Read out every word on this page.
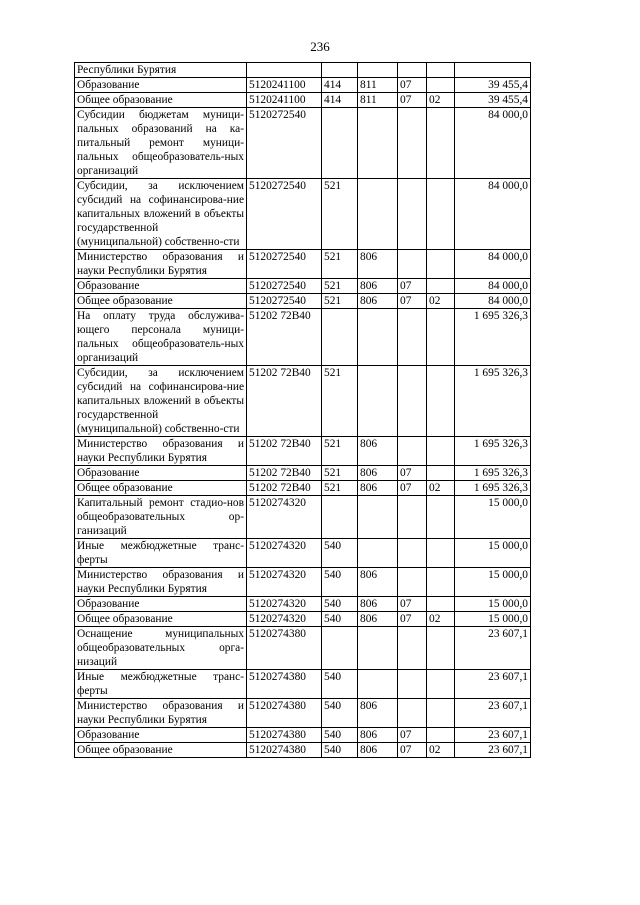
236
Республики Бурятия						
Образование	5120241100	414	811	07		39 455,4
Общее образование	5120241100	414	811	07	02	39 455,4
Субсидии бюджетам муници-пальных образований на ка-питальный ремонт муници-пальных общеобразователь-ных организаций	5120272540					84 000,0
Субсидии, за исключением субсидий на софинансирова-ние капитальных вложений в объекты государственной (муниципальной) собственно-сти	5120272540	521				84 000,0
Министерство образования и науки Республики Бурятия	5120272540	521	806			84 000,0
Образование	5120272540	521	806	07		84 000,0
Общее образование	5120272540	521	806	07	02	84 000,0
На оплату труда обслужива-ющего персонала муници-пальных общеобразователь-ных организаций	51202 72В40					1 695 326,3
Субсидии, за исключением субсидий на софинансирова-ние капитальных вложений в объекты государственной (муниципальной) собственно-сти	51202 72В40	521				1 695 326,3
Министерство образования и науки Республики Бурятия	51202 72В40	521	806			1 695 326,3
Образование	51202 72В40	521	806	07		1 695 326,3
Общее образование	51202 72В40	521	806	07	02	1 695 326,3
Капитальный ремонт стадио-нов общеобразовательных ор-ганизаций	5120274320					15 000,0
Иные межбюджетные транс-ферты	5120274320	540				15 000,0
Министерство образования и науки Республики Бурятия	5120274320	540	806			15 000,0
Образование	5120274320	540	806	07		15 000,0
Общее образование	5120274320	540	806	07	02	15 000,0
Оснащение муниципальных общеобразовательных орга-низаций	5120274380					23 607,1
Иные межбюджетные транс-ферты	5120274380	540				23 607,1
Министерство образования и науки Республики Бурятия	5120274380	540	806			23 607,1
Образование	5120274380	540	806	07		23 607,1
Общее образование	5120274380	540	806	07	02	23 607,1
